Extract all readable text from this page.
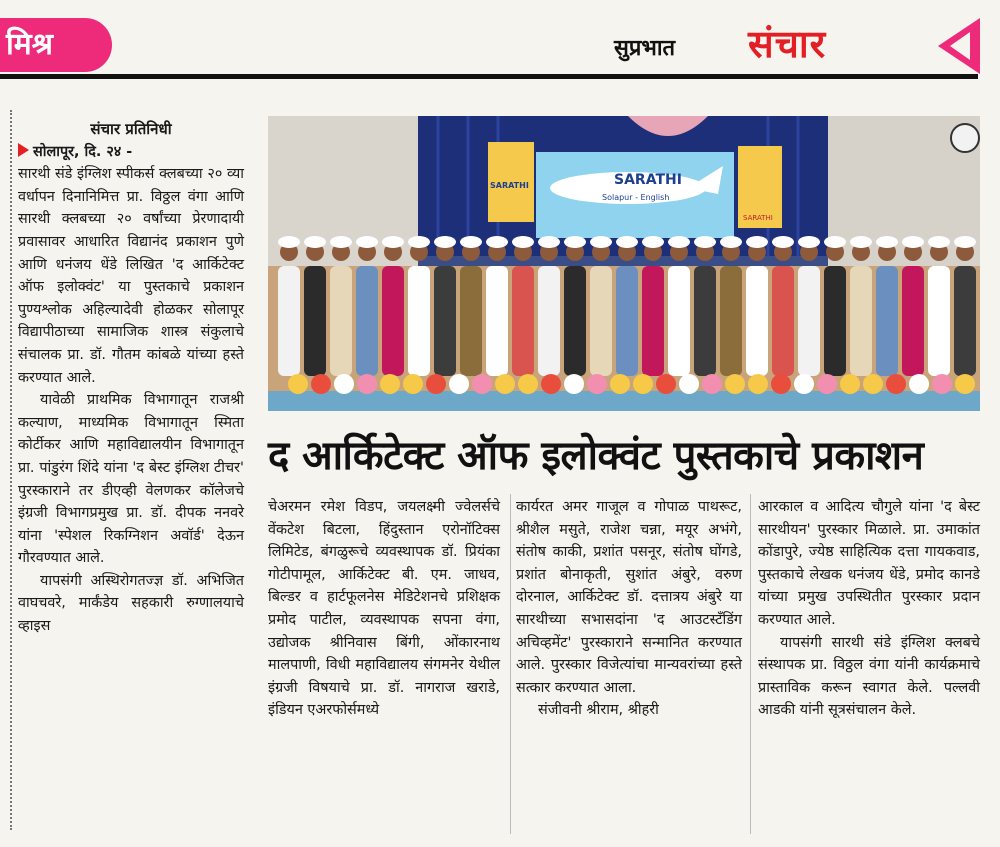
मिश्र	सुप्रभात संचार

संचार प्रतिनिधी

सोलापूर, दि. २४ -

सारथी संडे इंग्लिश स्पीकर्स क्लबच्या २० व्या वर्धापन दिनानिमित्त प्रा. विठ्ठल वंगा आणि सारथी क्लबच्या २० वर्षांच्या प्रेरणादायी प्रवासावर आधारित विद्यानंद प्रकाशन पुणे आणि धनंजय धेंडे लिखित 'द आर्किटेक्ट ऑफ इलोक्वंट' या पुस्तकाचे प्रकाशन पुण्यश्लोक अहिल्यादेवी होळकर सोलापूर विद्यापीठाच्या सामाजिक शास्त्र संकुलाचे संचालक प्रा. डॉ. गौतम कांबळे यांच्या हस्ते करण्यात आले.

यावेळी प्राथमिक विभागातून राजश्री कल्याण, माध्यमिक विभागातून स्मिता कोर्टीकर आणि महाविद्यालयीन विभागातून प्रा. पांडुरंग शिंदे यांना 'द बेस्ट इंग्लिश टीचर' पुरस्काराने तर डीएव्ही वेलणकर कॉलेजचे इंग्रजी विभागप्रमुख प्रा. डॉ. दीपक ननवरे यांना 'स्पेशल रिकग्निशन अवॉर्ड' देऊन गौरवण्यात आले.

यापसंगी अस्थिरोगतज्ज्ञ डॉ. अभिजित वाघचवरे, मार्कंडेय सहकारी रुग्णालयाचे व्हाइस

SARATHI
Solapur - English
SARATHI
SARATHI
द आर्किटेक्ट ऑफ इलोक्वंट पुस्तकाचे प्रकाशन

चेअरमन रमेश विडप, जयलक्ष्मी ज्वेलर्सचे वेंकटेश बिटला, हिंदुस्तान एरोनॉटिक्स लिमिटेड, बंगळुरूचे व्यवस्थापक डॉ. प्रियंका गोटीपामूल, आर्किटेक्ट बी. एम. जाधव, बिल्डर व हार्टफूलनेस मेडिटेशनचे प्रशिक्षक प्रमोद पाटील, व्यवस्थापक सपना वंगा, उद्योजक श्रीनिवास बिंगी, ओंकारनाथ मालपाणी, विधी महाविद्यालय संगमनेर येथील इंग्रजी विषयाचे प्रा. डॉ. नागराज खराडे, इंडियन एअरफोर्समध्ये

कार्यरत अमर गाजूल व गोपाळ पाथरूट, श्रीशैल मसुते, राजेश चन्ना, मयूर अभंगे, संतोष काकी, प्रशांत पसनूर, संतोष घोंगडे, प्रशांत बोनाकृती, सुशांत अंबुरे, वरुण दोरनाल, आर्किटेक्ट डॉ. दत्तात्रय अंबुरे या सारथीच्या सभासदांना 'द आउटस्टँडिंग अचिव्हमेंट' पुरस्काराने सन्मानित करण्यात आले. पुरस्कार विजेत्यांचा मान्यवरांच्या हस्ते सत्कार करण्यात आला.

संजीवनी श्रीराम, श्रीहरी

आरकाल व आदित्य चौगुले यांना 'द बेस्ट सारथीयन' पुरस्कार मिळाले. प्रा. उमाकांत कोंडापुरे, ज्येष्ठ साहित्यिक दत्ता गायकवाड, पुस्तकाचे लेखक धनंजय धेंडे, प्रमोद कानडे यांच्या प्रमुख उपस्थितीत पुरस्कार प्रदान करण्यात आले.

यापसंगी सारथी संडे इंग्लिश क्लबचे संस्थापक प्रा. विठ्ठल वंगा यांनी कार्यक्रमाचे प्रास्ताविक करून स्वागत केले. पल्लवी आडकी यांनी सूत्रसंचालन केले.
